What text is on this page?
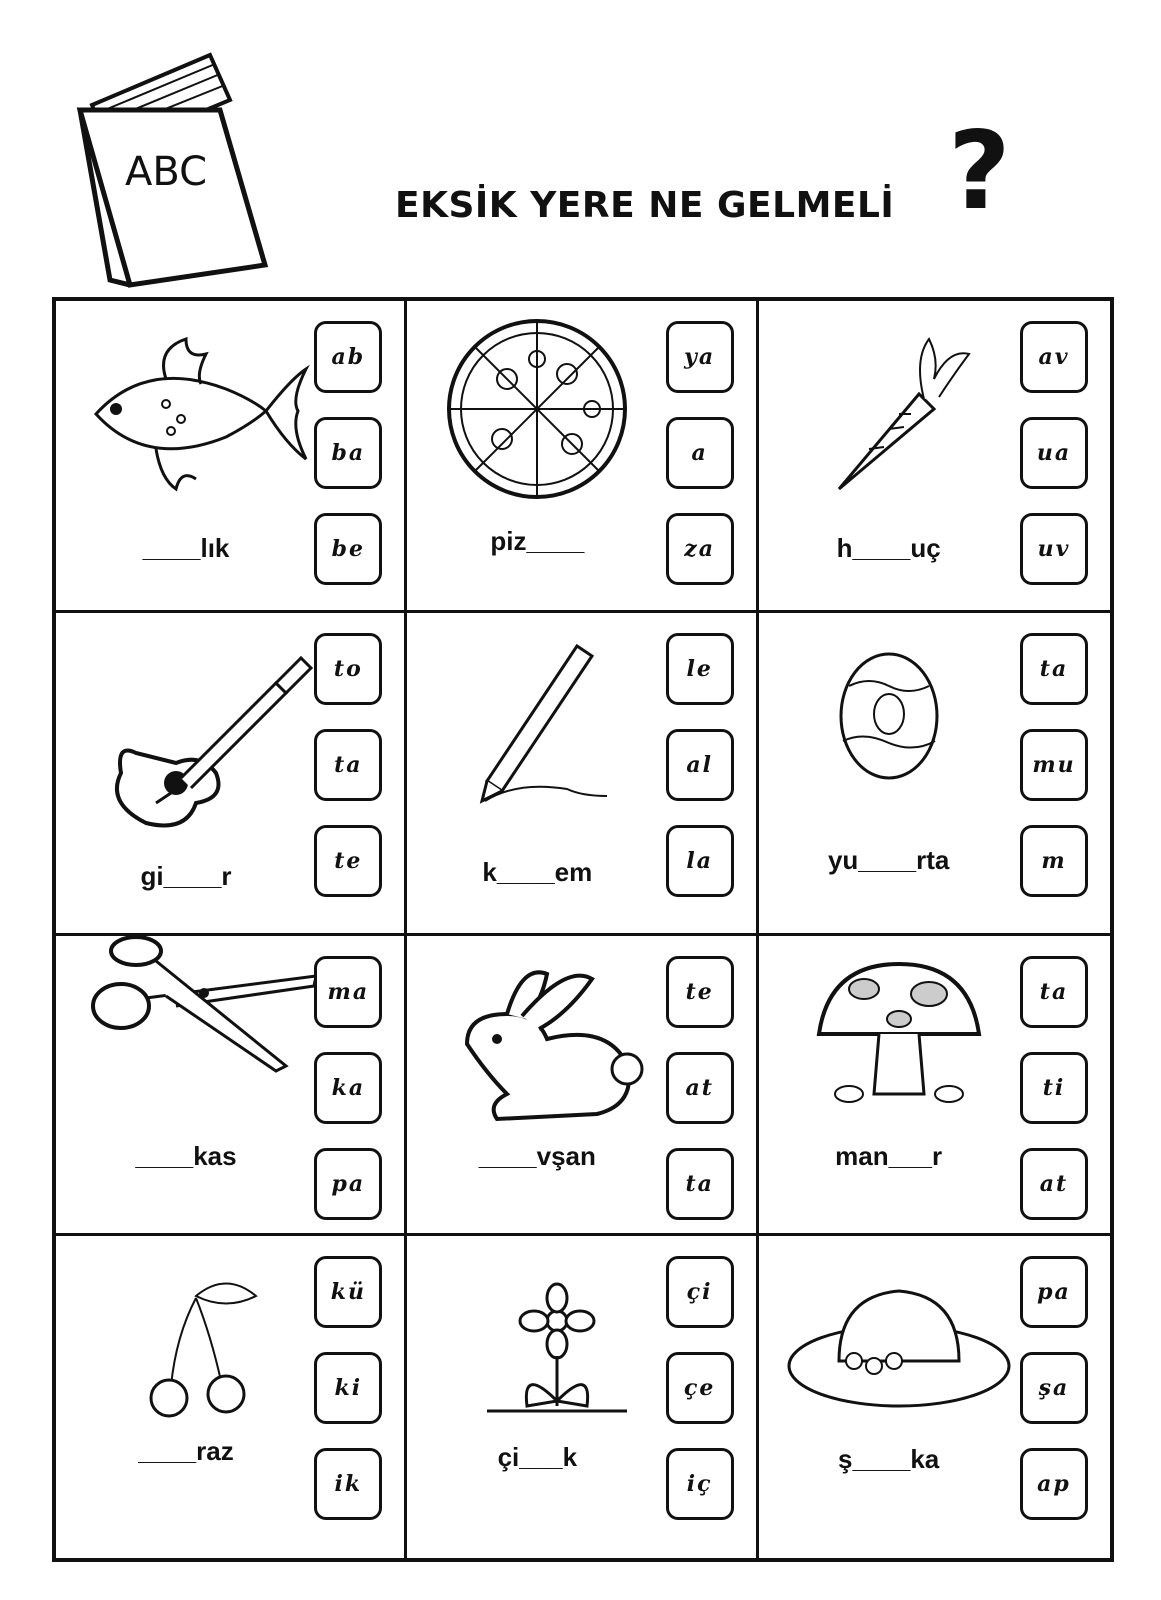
ABC
EKSİK YERE NE GELMELİ ?
____lık
ab
ba
be	piz____
ya
a
za	h____uç
av
ua
uv
gi____r
to
ta
te	k____em
le
al
la	yu____rta
ta
mu
m
____kas
ma
ka
pa
____vşan
te
at
ta
man___r
ta
ti
at
____raz
kü
ki
ik
çi___k
çi
çe
iç
ş____ka
pa
şa
ap
